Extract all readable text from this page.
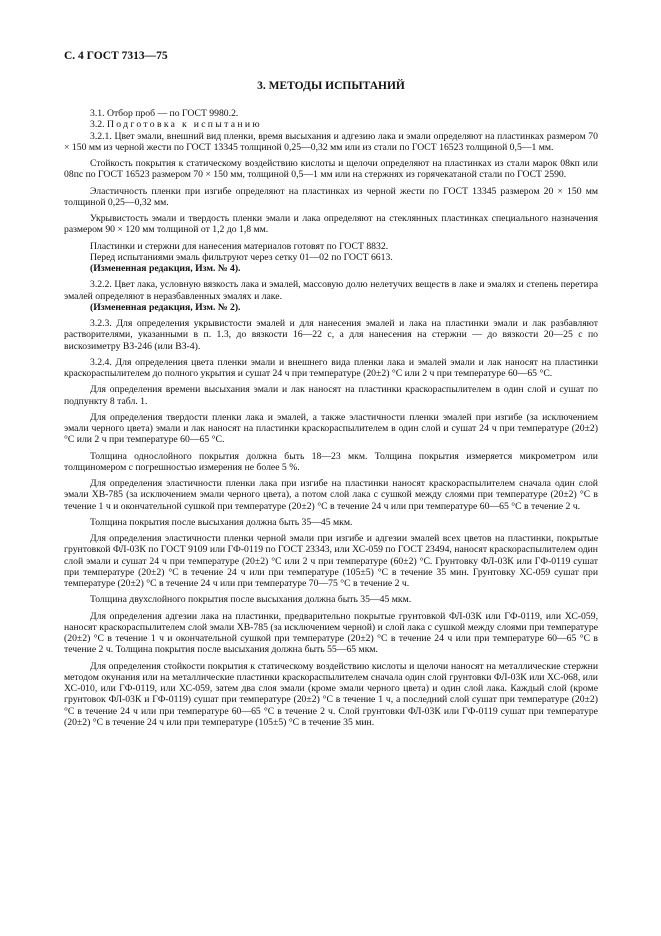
С. 4 ГОСТ 7313—75
3. МЕТОДЫ ИСПЫТАНИЙ

3.1. Отбор проб — по ГОСТ 9980.2.

3.2. Подготовка к испытанию

3.2.1. Цвет эмали, внешний вид пленки, время высыхания и адгезию лака и эмали определяют на пластинках размером 70 × 150 мм из черной жести по ГОСТ 13345 толщиной 0,25—0,32 мм или из стали по ГОСТ 16523 толщиной 0,5—1 мм.

Стойкость покрытия к статическому воздействию кислоты и щелочи определяют на пластинках из стали марок 08кп или 08пс по ГОСТ 16523 размером 70 × 150 мм, толщиной 0,5—1 мм или на стержнях из горячекатаной стали по ГОСТ 2590.

Эластичность пленки при изгибе определяют на пластинках из черной жести по ГОСТ 13345 размером 20 × 150 мм толщиной 0,25—0,32 мм.

Укрывистость эмали и твердость пленки эмали и лака определяют на стеклянных пластинках специального назначения размером 90 × 120 мм толщиной от 1,2 до 1,8 мм.

Пластинки и стержни для нанесения материалов готовят по ГОСТ 8832.

Перед испытаниями эмаль фильтруют через сетку 01—02 по ГОСТ 6613.

(Измененная редакция, Изм. № 4).

3.2.2. Цвет лака, условную вязкость лака и эмалей, массовую долю нелетучих веществ в лаке и эмалях и степень перетира эмалей определяют в неразбавленных эмалях и лаке.

(Измененная редакция, Изм. № 2).

3.2.3. Для определения укрывистости эмалей и для нанесения эмалей и лака на пластинки эмали и лак разбавляют растворителями, указанными в п. 1.3, до вязкости 16—22 с, а для нанесения на стержни — до вязкости 20—25 с по вискозиметру ВЗ-246 (или ВЗ-4).

3.2.4. Для определения цвета пленки эмали и внешнего вида пленки лака и эмалей эмали и лак наносят на пластинки краскораспылителем до полного укрытия и сушат 24 ч при температуре (20±2) °С или 2 ч при температуре 60—65 °С.

Для определения времени высыхания эмали и лак наносят на пластинки краскораспылителем в один слой и сушат по подпункту 8 табл. 1.

Для определения твердости пленки лака и эмалей, а также эластичности пленки эмалей при изгибе (за исключением эмали черного цвета) эмали и лак наносят на пластинки краскораспылителем в один слой и сушат 24 ч при температуре (20±2) °С или 2 ч при температуре 60—65 °С.

Толщина однослойного покрытия должна быть 18—23 мкм. Толщина покрытия измеряется микрометром или толщиномером с погрешностью измерения не более 5 %.

Для определения эластичности пленки лака при изгибе на пластинки наносят краскораспылителем сначала один слой эмали ХВ-785 (за исключением эмали черного цвета), а потом слой лака с сушкой между слоями при температуре (20±2) °С в течение 1 ч и окончательной сушкой при температуре (20±2) °С в течение 24 ч или при температуре 60—65 °С в течение 2 ч.

Толщина покрытия после высыхания должна быть 35—45 мкм.

Для определения эластичности пленки черной эмали при изгибе и адгезии эмалей всех цветов на пластинки, покрытые грунтовкой ФЛ-03К по ГОСТ 9109 или ГФ-0119 по ГОСТ 23343, или ХС-059 по ГОСТ 23494, наносят краскораспылителем один слой эмали и сушат 24 ч при температуре (20±2) °С или 2 ч при температуре (60±2) °С. Грунтовку ФЛ-03К или ГФ-0119 сушат при температуре (20±2) °С в течение 24 ч или при температуре (105±5) °С в течение 35 мин. Грунтовку ХС-059 сушат при температуре (20±2) °С в течение 24 ч или при температуре 70—75 °С в течение 2 ч.

Толщина двухслойного покрытия после высыхания должна быть 35—45 мкм.

Для определения адгезии лака на пластинки, предварительно покрытые грунтовкой ФЛ-03К или ГФ-0119, или ХС-059, наносят краскораспылителем слой эмали ХВ-785 (за исключением черной) и слой лака с сушкой между слоями при температуре (20±2) °С в течение 1 ч и окончательной сушкой при температуре (20±2) °С в течение 24 ч или при температуре 60—65 °С в течение 2 ч. Толщина покрытия после высыхания должна быть 55—65 мкм.

Для определения стойкости покрытия к статическому воздействию кислоты и щелочи наносят на металлические стержни методом окунания или на металлические пластинки краскораспылителем сначала один слой грунтовки ФЛ-03К или ХС-068, или ХС-010, или ГФ-0119, или ХС-059, затем два слоя эмали (кроме эмали черного цвета) и один слой лака. Каждый слой (кроме грунтовок ФЛ-03К и ГФ-0119) сушат при температуре (20±2) °С в течение 1 ч, а последний слой сушат при температуре (20±2) °С в течение 24 ч или при температуре 60—65 °С в течение 2 ч. Слой грунтовки ФЛ-03К или ГФ-0119 сушат при температуре (20±2) °С в течение 24 ч или при температуре (105±5) °С в течение 35 мин.
